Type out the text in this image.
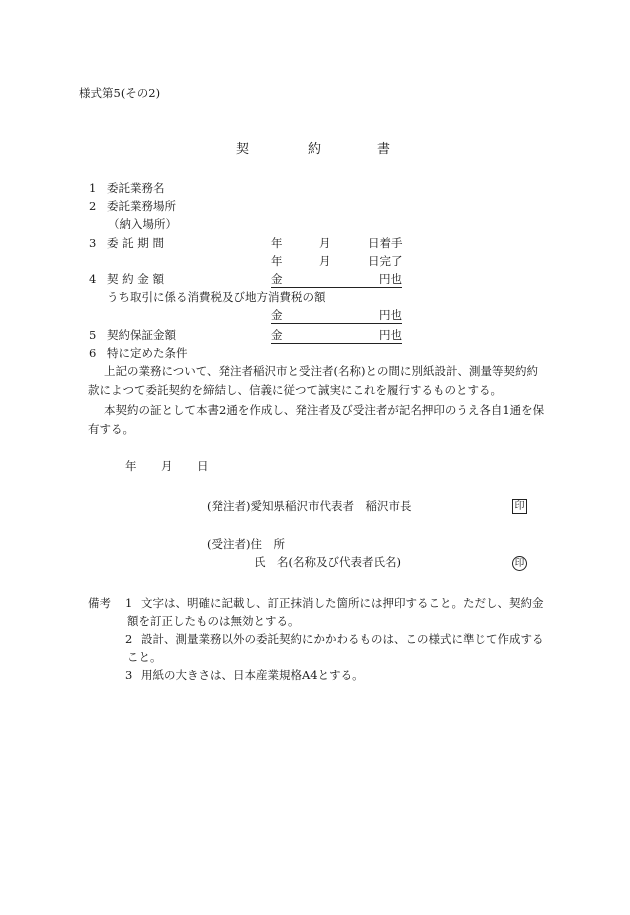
様式第5(その2)
契	約	書
1 委託業務名
2 委託業務場所
（納入場所）
3 委 託 期 間	年	月	日着手
年	月	日完了
4 契 約 金 額	金	円也
うち取引に係る消費税及び地方消費税の額
金	円也
5 契約保証金額	金	円也
6 特に定めた条件
上記の業務について、発注者稲沢市と受注者(名称)との間に別紙設計、測量等契約約
款によつて委託契約を締結し、信義に従つて誠実にこれを履行するものとする。
本契約の証として本書2通を作成し、発注者及び受注者が記名押印のうえ各自1通を保
有する。
年 月 日
(発注者)愛知県稲沢市代表者　稲沢市長	印
(受注者)住　所
氏　名(名称及び代表者氏名)	印
備考 1 文字は、明確に記載し、訂正抹消した箇所には押印すること。ただし、契約金
額を訂正したものは無効とする。
2 設計、測量業務以外の委託契約にかかわるものは、この様式に準じて作成する
こと。
3 用紙の大きさは、日本産業規格A4とする。
